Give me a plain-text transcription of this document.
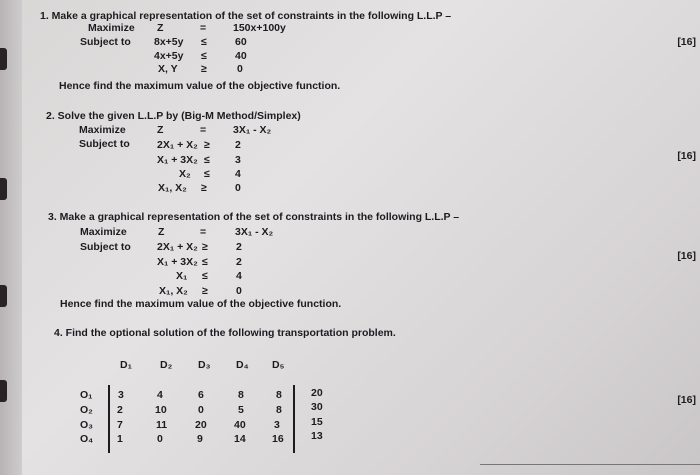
1. Make a graphical representation of the set of constraints in the following L.L.P –
Maximize
Subject to
Z	=	150x+100y
8x+5y ≤	60
4x+5y ≤	40
X, Y ≥	0
Hence find the maximum value of the objective function.
[16]
2. Solve the given L.L.P by (Big-M Method/Simplex)
Maximize
Subject to
Z	=	3X₁ - X₂
2X₁ + X₂ ≥ 2
X₁ + 3X₂ ≤ 3
X₂ ≤ 4
X₁, X₂ ≥	0
[16]
3. Make a graphical representation of the set of constraints in the following L.L.P –
Maximize
Subject to
Z	=	3X₁ - X₂
2X₁ + X₂ ≥	2
X₁ + 3X₂ ≤	2
X₁ ≤	4
X₁, X₂ ≥	0
Hence find the maximum value of the objective function.
[16]
4. Find the optional solution of the following transportation problem.
D₁	D₂ D₃ D₄ D₅
O₁ 3	4	6	8	8	20
O₂ 2	10	0	5	8	30
O₃ 7	11	20	40	3	15
O₄ 1	0	9	14	16	13
[16]
